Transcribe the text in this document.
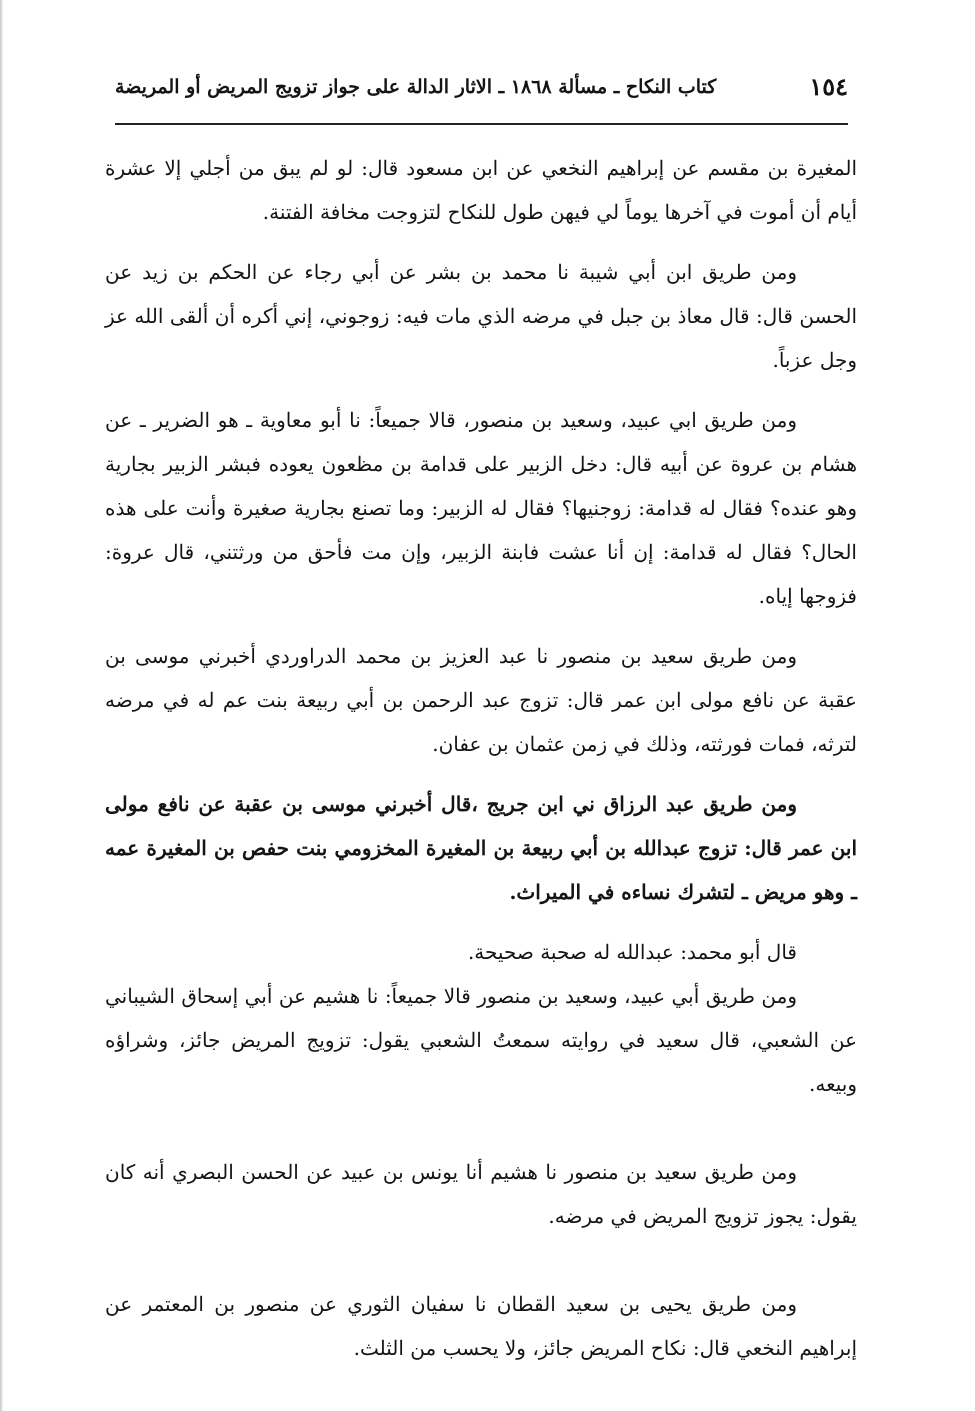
١٥٤
كتاب النكاح ـ مسألة ١٨٦٨ ـ الاثار الدالة على جواز تزويج المريض أو المريضة

المغيرة بن مقسم عن إبراهيم النخعي عن ابن مسعود قال: لو لم يبق من أجلي إلا عشرة أيام أن أموت في آخرها يوماً لي فيهن طول للنكاح لتزوجت مخافة الفتنة.

ومن طريق ابن أبي شيبة نا محمد بن بشر عن أبي رجاء عن الحكم بن زيد عن الحسن قال: قال معاذ بن جبل في مرضه الذي مات فيه: زوجوني، إني أكره أن ألقى الله عز وجل عزباً.

ومن طريق ابي عبيد، وسعيد بن منصور، قالا جميعاً: نا أبو معاوية ـ هو الضرير ـ عن هشام بن عروة عن أبيه قال: دخل الزبير على قدامة بن مظعون يعوده فبشر الزبير بجارية وهو عنده؟ فقال له قدامة: زوجنيها؟ فقال له الزبير: وما تصنع بجارية صغيرة وأنت على هذه الحال؟ فقال له قدامة: إن أنا عشت فابنة الزبير، وإن مت فأحق من ورثتني، قال عروة: فزوجها إياه.

ومن طريق سعيد بن منصور نا عبد العزيز بن محمد الدراوردي أخبرني موسى بن عقبة عن نافع مولى ابن عمر قال: تزوج عبد الرحمن بن أبي ربيعة بنت عم له في مرضه لترثه، فمات فورثته، وذلك في زمن عثمان بن عفان.

ومن طريق عبد الرزاق ني ابن جريج ،قال أخبرني موسى بن عقبة عن نافع مولى ابن عمر قال: تزوج عبدالله بن أبي ربيعة بن المغيرة المخزومي بنت حفص بن المغيرة عمه ـ وهو مريض ـ لتشرك نساءه في الميراث.

قال أبو محمد: عبدالله له صحبة صحيحة.

ومن طريق أبي عبيد، وسعيد بن منصور قالا جميعاً: نا هشيم عن أبي إسحاق الشيباني عن الشعبي، قال سعيد في روايته سمعتُ الشعبي يقول: تزويج المريض جائز، وشراؤه وبيعه.

ومن طريق سعيد بن منصور نا هشيم أنا يونس بن عبيد عن الحسن البصري أنه كان يقول: يجوز تزويج المريض في مرضه.

ومن طريق يحيى بن سعيد القطان نا سفيان الثوري عن منصور بن المعتمر عن إبراهيم النخعي قال: نكاح المريض جائز، ولا يحسب من الثلث.
